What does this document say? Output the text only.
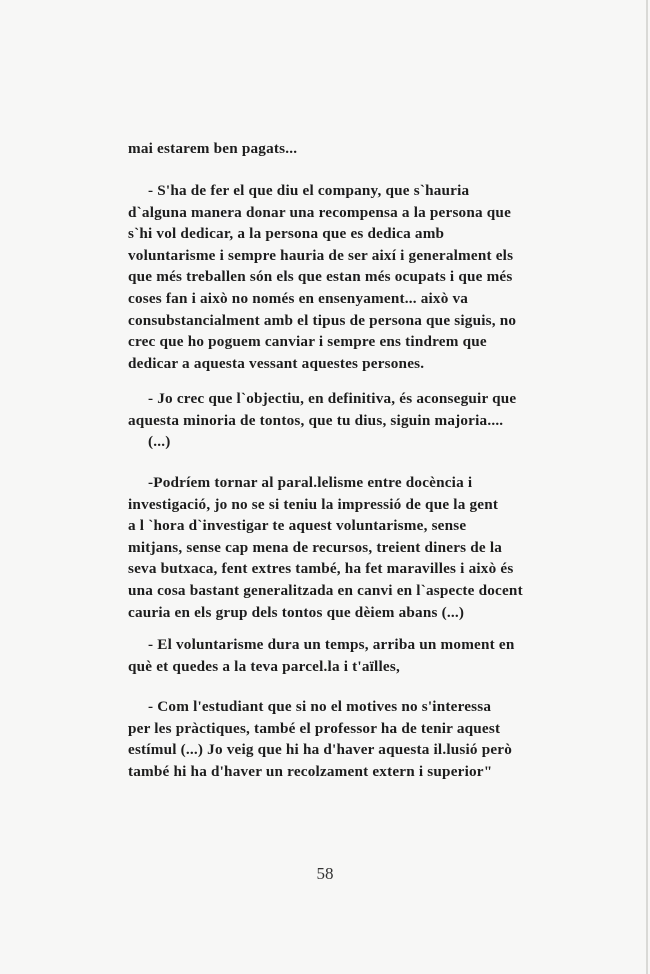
mai estarem ben pagats...
- S'ha de fer el que diu el company, que s`hauria
d`alguna manera donar una recompensa a la persona que
s`hi vol dedicar, a la persona que es dedica amb
voluntarisme i sempre hauria de ser així i generalment els
que més treballen són els que estan més ocupats i que més
coses fan i això no només en ensenyament... això va
consubstancialment amb el tipus de persona que siguis, no
crec que ho poguem canviar i sempre ens tindrem que
dedicar a aquesta vessant aquestes persones.
- Jo crec que l`objectiu, en definitiva, és aconseguir que
aquesta minoria de tontos, que tu dius, siguin majoria....
(...)
-Podríem tornar al paral.lelisme entre docència i
investigació, jo no se si teniu la impressió de que la gent
a l `hora d`investigar te aquest voluntarisme, sense
mitjans, sense cap mena de recursos, treient diners de la
seva butxaca, fent extres també, ha fet maravilles i això és
una cosa bastant generalitzada en canvi en l`aspecte docent
cauria en els grup dels tontos que dèiem abans (...)
- El voluntarisme dura un temps, arriba un moment en
què et quedes a la teva parcel.la i t'aïlles,
- Com l'estudiant que si no el motives no s'interessa
per les pràctiques, també el professor ha de tenir aquest
estímul (...) Jo veig que hi ha d'haver aquesta il.lusió però
també hi ha d'haver un recolzament extern i superior"
58
